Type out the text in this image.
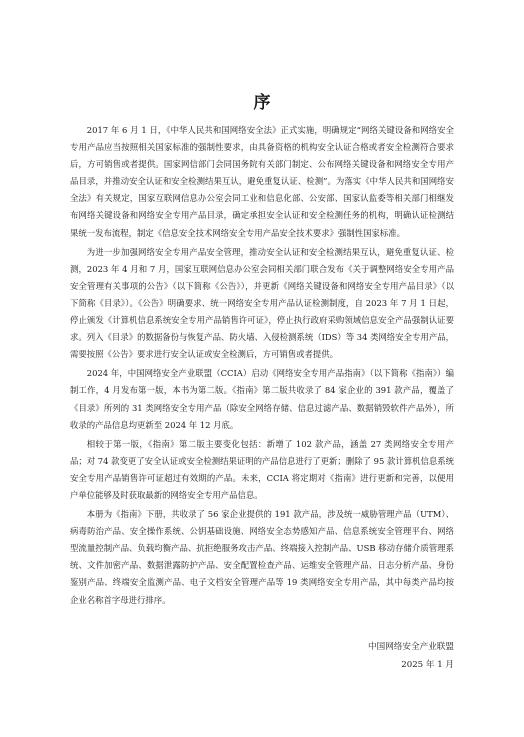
序

2017 年 6 月 1 日，《中华人民共和国网络安全法》正式实施，明确规定“网络关键设备和网络安全专用产品应当按照相关国家标准的强制性要求，由具备资格的机构安全认证合格或者安全检测符合要求后，方可销售或者提供。国家网信部门会同国务院有关部门制定、公布网络关键设备和网络安全专用产品目录，并推动安全认证和安全检测结果互认，避免重复认证、检测”。为落实《中华人民共和国网络安全法》有关规定，国家互联网信息办公室会同工业和信息化部、公安部、国家认监委等相关部门相继发布网络关键设备和网络安全专用产品目录，确定承担安全认证和安全检测任务的机构，明确认证检测结果统一发布流程，制定《信息安全技术网络安全专用产品安全技术要求》强制性国家标准。

为进一步加强网络安全专用产品安全管理，推动安全认证和安全检测结果互认，避免重复认证、检测，2023 年 4 月和 7 月，国家互联网信息办公室会同相关部门联合发布《关于调整网络安全专用产品安全管理有关事项的公告》（以下简称《公告》），并更新《网络关键设备和网络安全专用产品目录》（以下简称《目录》）。《公告》明确要求、统一网络安全专用产品认证检测制度，自 2023 年 7 月 1 日起，停止颁发《计算机信息系统安全专用产品销售许可证》，停止执行政府采购领域信息安全产品强制认证要求。列入《目录》的数据备份与恢复产品、防火墙、入侵检测系统（IDS）等 34 类网络安全专用产品，需要按照《公告》要求进行安全认证或安全检测后，方可销售或者提供。

2024 年，中国网络安全产业联盟（CCIA）启动《网络安全专用产品指南》（以下简称《指南》）编制工作，4 月发布第一版，本书为第二版。《指南》第二版共收录了 84 家企业的 391 款产品，覆盖了《目录》所列的 31 类网络安全专用产品（除安全网络存储、信息过滤产品、数据销毁软件产品外），所收录的产品信息均更新至 2024 年 12 月底。

相较于第一版，《指南》第二版主要变化包括：新增了 102 款产品，涵盖 27 类网络安全专用产品；对 74 款变更了安全认证或安全检测结果证明的产品信息进行了更新；删除了 95 款计算机信息系统安全专用产品销售许可证超过有效期的产品。未来，CCIA 将定期对《指南》进行更新和完善，以便用户单位能够及时获取最新的网络安全专用产品信息。

本册为《指南》下册，共收录了 56 家企业提供的 191 款产品，涉及统一威胁管理产品（UTM）、病毒防治产品、安全操作系统、公钥基础设施、网络安全态势感知产品、信息系统安全管理平台、网络型流量控制产品、负载均衡产品、抗拒绝服务攻击产品、终端接入控制产品、USB 移动存储介质管理系统、文件加密产品、数据泄露防护产品、安全配置检查产品、运维安全管理产品、日志分析产品、身份鉴别产品、终端安全监测产品、电子文档安全管理产品等 19 类网络安全专用产品，其中每类产品均按企业名称首字母进行排序。

中国网络安全产业联盟
2025 年 1 月
